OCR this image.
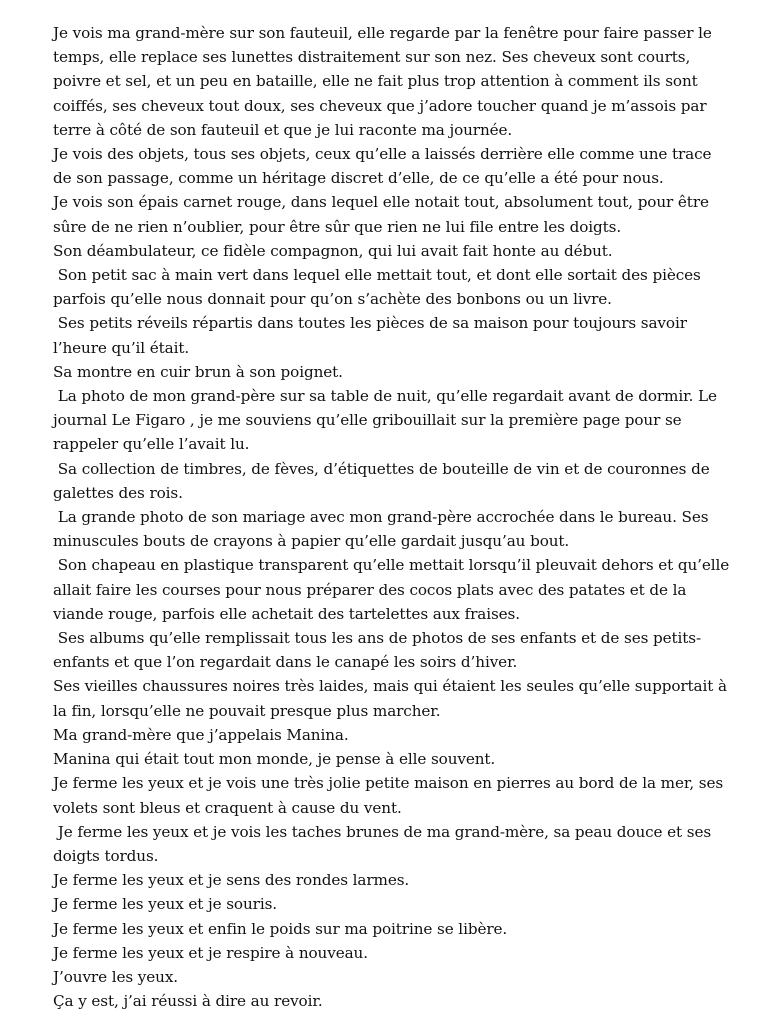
Je vois ma grand-mère sur son fauteuil, elle regarde par la fenêtre pour faire passer le temps, elle replace ses lunettes distraitement sur son nez. Ses cheveux sont courts, poivre et sel, et un peu en bataille, elle ne fait plus trop attention à comment ils sont coiffés, ses cheveux tout doux, ses cheveux que j’adore toucher quand je m’assois par terre à côté de son fauteuil et que je lui raconte ma journée.

Je vois des objets, tous ses objets, ceux qu’elle a laissés derrière elle comme une trace de son passage, comme un héritage discret d’elle, de ce qu’elle a été pour nous.

Je vois son épais carnet rouge, dans lequel elle notait tout, absolument tout, pour être sûre de ne rien n’oublier, pour être sûr que rien ne lui file entre les doigts.

Son déambulateur, ce fidèle compagnon, qui lui avait fait honte au début.

Son petit sac à main vert dans lequel elle mettait tout, et dont elle sortait des pièces parfois qu’elle nous donnait pour qu’on s’achète des bonbons ou un livre.

Ses petits réveils répartis dans toutes les pièces de sa maison pour toujours savoir l’heure qu’il était.

Sa montre en cuir brun à son poignet.

La photo de mon grand-père sur sa table de nuit, qu’elle regardait avant de dormir. Le journal Le Figaro , je me souviens qu’elle gribouillait sur la première page pour se rappeler qu’elle l’avait lu.

Sa collection de timbres, de fèves, d’étiquettes de bouteille de vin et de couronnes de galettes des rois.

La grande photo de son mariage avec mon grand-père accrochée dans le bureau. Ses minuscules bouts de crayons à papier qu’elle gardait jusqu’au bout.

Son chapeau en plastique transparent qu’elle mettait lorsqu’il pleuvait dehors et qu’elle allait faire les courses pour nous préparer des cocos plats avec des patates et de la viande rouge, parfois elle achetait des tartelettes aux fraises.

Ses albums qu’elle remplissait tous les ans de photos de ses enfants et de ses petits-enfants et que l’on regardait dans le canapé les soirs d’hiver.

Ses vieilles chaussures noires très laides, mais qui étaient les seules qu’elle supportait à la fin, lorsqu’elle ne pouvait presque plus marcher.

Ma grand-mère que j’appelais Manina.

Manina qui était tout mon monde, je pense à elle souvent.

Je ferme les yeux et je vois une très jolie petite maison en pierres au bord de la mer, ses volets sont bleus et craquent à cause du vent.

Je ferme les yeux et je vois les taches brunes de ma grand-mère, sa peau douce et ses doigts tordus.

Je ferme les yeux et je sens des rondes larmes.

Je ferme les yeux et je souris.

Je ferme les yeux et enfin le poids sur ma poitrine se libère.

Je ferme les yeux et je respire à nouveau.

J’ouvre les yeux.

Ça y est, j’ai réussi à dire au revoir.
